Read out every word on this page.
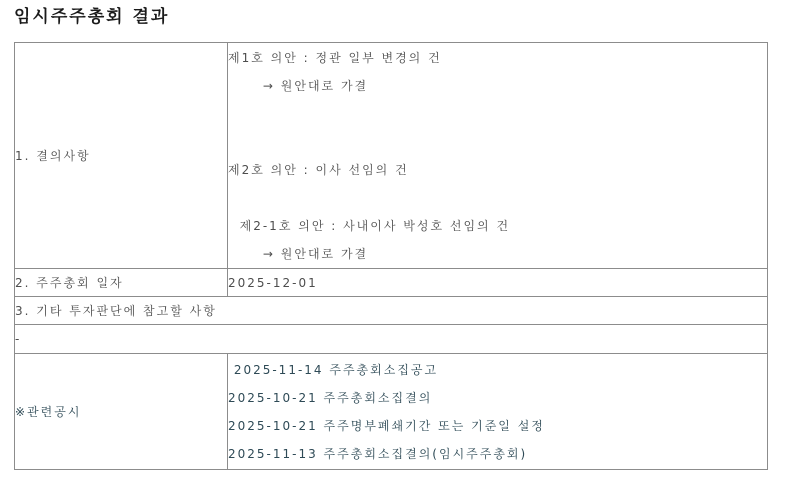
임시주주총회 결과
1. 결의사항	제1호 의안 : 정관 일부 변경의 건
→ 원안대로 가결
제2호 의안 : 이사 선임의 건
제2-1호 의안 : 사내이사 박성호 선임의 건
→ 원안대로 가결

2. 주주총회 일자	2025-12-01
3. 기타 투자판단에 참고할 사항	
-	
※관련공시	2025-11-14 주주총회소집공고
2025-10-21 주주총회소집결의
2025-10-21 주주명부폐쇄기간 또는 기준일 설정
2025-11-13 주주총회소집결의(임시주주총회)
